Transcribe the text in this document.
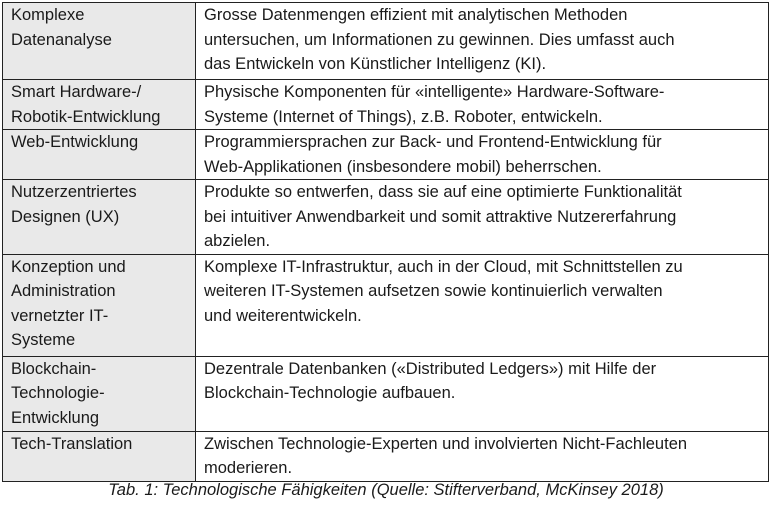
Komplexe
Datenanalyse	Grosse Datenmengen effizient mit analytischen Methoden
untersuchen, um Informationen zu gewinnen. Dies umfasst auch
das Entwickeln von Künstlicher Intelligenz (KI).

Smart Hardware-/
Robotik-Entwicklung	Physische Komponenten für «intelligente» Hardware-Software-
Systeme (Internet of Things), z.B. Roboter, entwickeln.

Web-Entwicklung	Programmiersprachen zur Back- und Frontend-Entwicklung für
Web-Applikationen (insbesondere mobil) beherrschen.

Nutzerzentriertes
Designen (UX)	Produkte so entwerfen, dass sie auf eine optimierte Funktionalität
bei intuitiver Anwendbarkeit und somit attraktive Nutzererfahrung
abzielen.

Konzeption und
Administration
vernetzter IT-
Systeme	Komplexe IT-Infrastruktur, auch in der Cloud, mit Schnittstellen zu
weiteren IT-Systemen aufsetzen sowie kontinuierlich verwalten
und weiterentwickeln.

Blockchain-
Technologie-
Entwicklung	Dezentrale Datenbanken («Distributed Ledgers») mit Hilfe der
Blockchain-Technologie aufbauen.

Tech-Translation	Zwischen Technologie-Experten und involvierten Nicht-Fachleuten
moderieren.
Tab. 1: Technologische Fähigkeiten (Quelle: Stifterverband, McKinsey 2018)
